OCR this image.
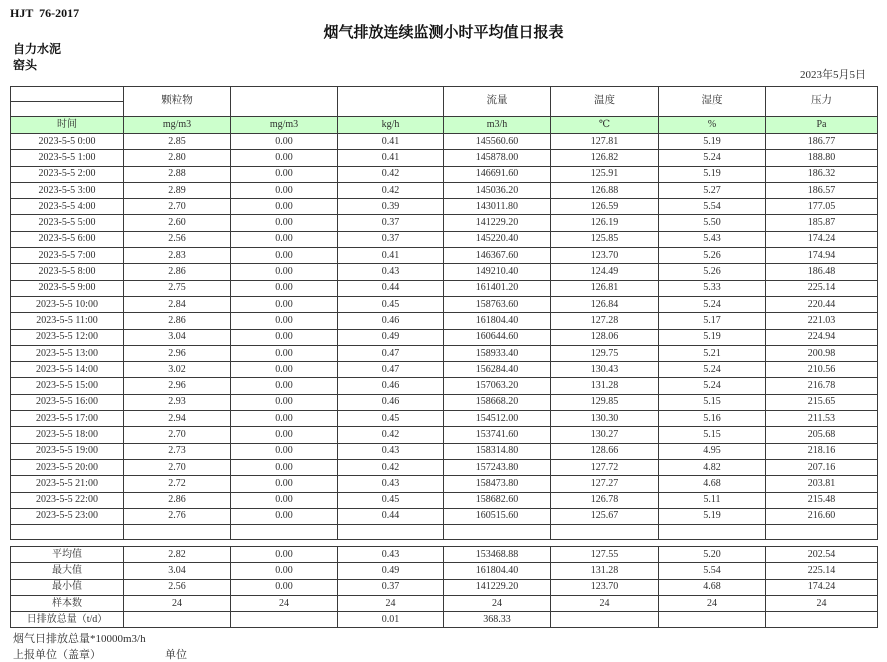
HJT  76-2017
烟气排放连续监测小时平均值日报表
自力水泥
窑头
2023年5月5日
	颗粒物			流量	温度	湿度	压力

时间	mg/m3	mg/m3	kg/h	m3/h	℃	%	Pa
2023-5-5 0:00	2.85	0.00	0.41	145560.60	127.81	5.19	186.77
2023-5-5 1:00	2.80	0.00	0.41	145878.00	126.82	5.24	188.80
2023-5-5 2:00	2.88	0.00	0.42	146691.60	125.91	5.19	186.32
2023-5-5 3:00	2.89	0.00	0.42	145036.20	126.88	5.27	186.57
2023-5-5 4:00	2.70	0.00	0.39	143011.80	126.59	5.54	177.05
2023-5-5 5:00	2.60	0.00	0.37	141229.20	126.19	5.50	185.87
2023-5-5 6:00	2.56	0.00	0.37	145220.40	125.85	5.43	174.24
2023-5-5 7:00	2.83	0.00	0.41	146367.60	123.70	5.26	174.94
2023-5-5 8:00	2.86	0.00	0.43	149210.40	124.49	5.26	186.48
2023-5-5 9:00	2.75	0.00	0.44	161401.20	126.81	5.33	225.14
2023-5-5 10:00	2.84	0.00	0.45	158763.60	126.84	5.24	220.44
2023-5-5 11:00	2.86	0.00	0.46	161804.40	127.28	5.17	221.03
2023-5-5 12:00	3.04	0.00	0.49	160644.60	128.06	5.19	224.94
2023-5-5 13:00	2.96	0.00	0.47	158933.40	129.75	5.21	200.98
2023-5-5 14:00	3.02	0.00	0.47	156284.40	130.43	5.24	210.56
2023-5-5 15:00	2.96	0.00	0.46	157063.20	131.28	5.24	216.78
2023-5-5 16:00	2.93	0.00	0.46	158668.20	129.85	5.15	215.65
2023-5-5 17:00	2.94	0.00	0.45	154512.00	130.30	5.16	211.53
2023-5-5 18:00	2.70	0.00	0.42	153741.60	130.27	5.15	205.68
2023-5-5 19:00	2.73	0.00	0.43	158314.80	128.66	4.95	218.16
2023-5-5 20:00	2.70	0.00	0.42	157243.80	127.72	4.82	207.16
2023-5-5 21:00	2.72	0.00	0.43	158473.80	127.27	4.68	203.81
2023-5-5 22:00	2.86	0.00	0.45	158682.60	126.78	5.11	215.48
2023-5-5 23:00	2.76	0.00	0.44	160515.60	125.67	5.19	216.60

平均值	2.82	0.00	0.43	153468.88	127.55	5.20	202.54
最大值	3.04	0.00	0.49	161804.40	131.28	5.54	225.14
最小值	2.56	0.00	0.37	141229.20	123.70	4.68	174.24
样本数	24	24	24	24	24	24	24
日排放总量（t/d）			0.01	368.33			
烟气日排放总量*10000m3/h
上报单位（盖章）	单位
